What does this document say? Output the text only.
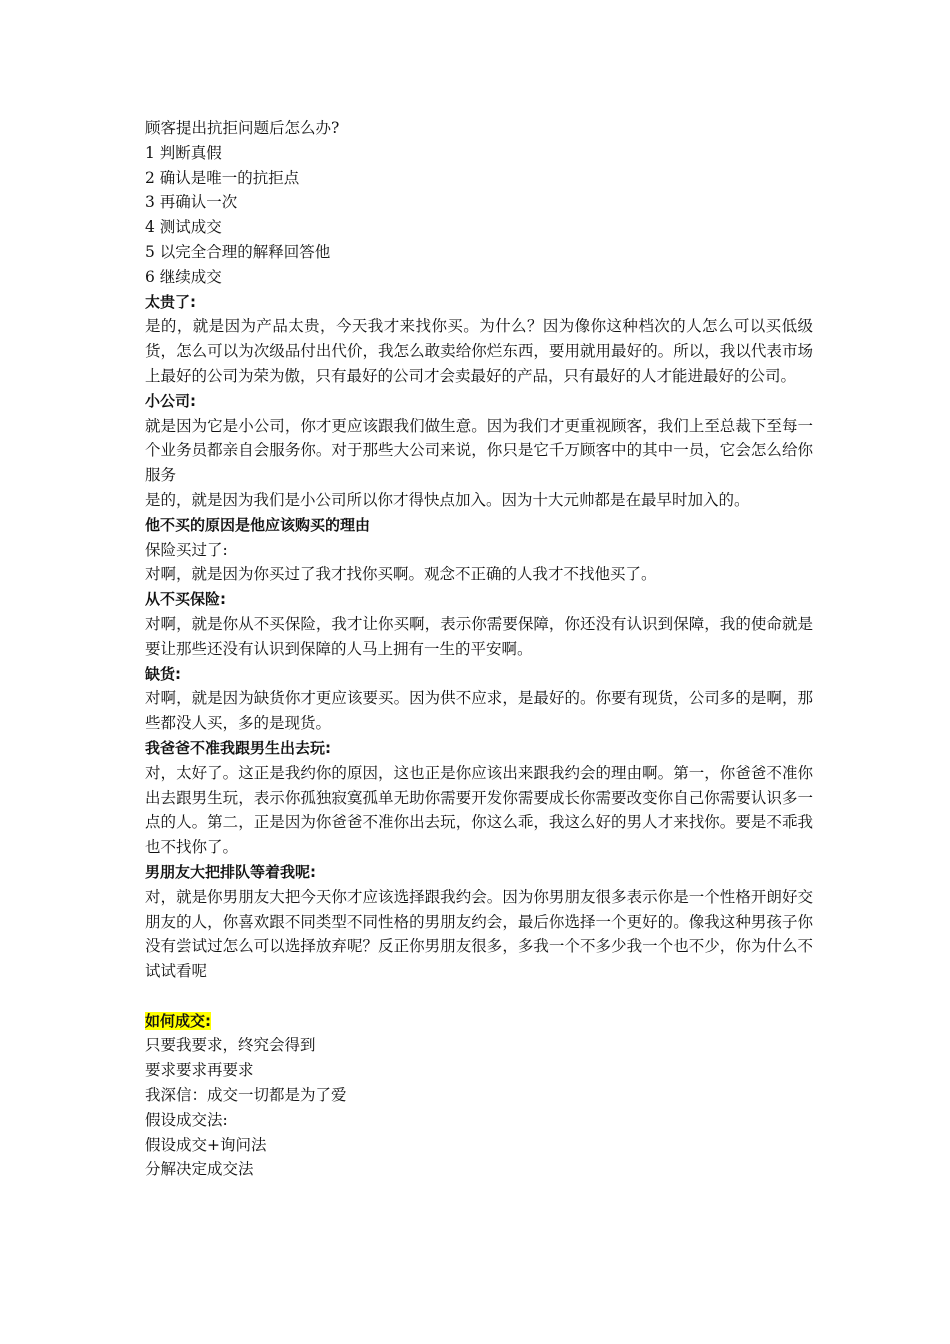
顾客提出抗拒问题后怎么办?

1 判断真假

2 确认是唯一的抗拒点

3 再确认一次

4 测试成交

5 以完全合理的解释回答他

6 继续成交

太贵了:

是的，就是因为产品太贵，今天我才来找你买。为什么？因为像你这种档次的人怎么可以买低级货，怎么可以为次级品付出代价，我怎么敢卖给你烂东西，要用就用最好的。所以，我以代表市场上最好的公司为荣为傲，只有最好的公司才会卖最好的产品，只有最好的人才能进最好的公司。

小公司:

就是因为它是小公司，你才更应该跟我们做生意。因为我们才更重视顾客，我们上至总裁下至每一个业务员都亲自会服务你。对于那些大公司来说，你只是它千万顾客中的其中一员，它会怎么给你服务

是的，就是因为我们是小公司所以你才得快点加入。因为十大元帅都是在最早时加入的。

他不买的原因是他应该购买的理由

保险买过了:

对啊，就是因为你买过了我才找你买啊。观念不正确的人我才不找他买了。

从不买保险:

对啊，就是你从不买保险，我才让你买啊，表示你需要保障，你还没有认识到保障，我的使命就是要让那些还没有认识到保障的人马上拥有一生的平安啊。

缺货:

对啊，就是因为缺货你才更应该要买。因为供不应求，是最好的。你要有现货，公司多的是啊，那些都没人买，多的是现货。

我爸爸不准我跟男生出去玩:

对，太好了。这正是我约你的原因，这也正是你应该出来跟我约会的理由啊。第一，你爸爸不准你出去跟男生玩，表示你孤独寂寞孤单无助你需要开发你需要成长你需要改变你自己你需要认识多一点的人。第二，正是因为你爸爸不准你出去玩，你这么乖，我这么好的男人才来找你。要是不乖我也不找你了。

男朋友大把排队等着我呢:

对，就是你男朋友大把今天你才应该选择跟我约会。因为你男朋友很多表示你是一个性格开朗好交朋友的人，你喜欢跟不同类型不同性格的男朋友约会，最后你选择一个更好的。像我这种男孩子你没有尝试过怎么可以选择放弃呢？反正你男朋友很多，多我一个不多少我一个也不少，你为什么不试试看呢

如何成交:

只要我要求，终究会得到

要求要求再要求

我深信：成交一切都是为了爱

假设成交法:

假设成交+询问法

分解决定成交法
